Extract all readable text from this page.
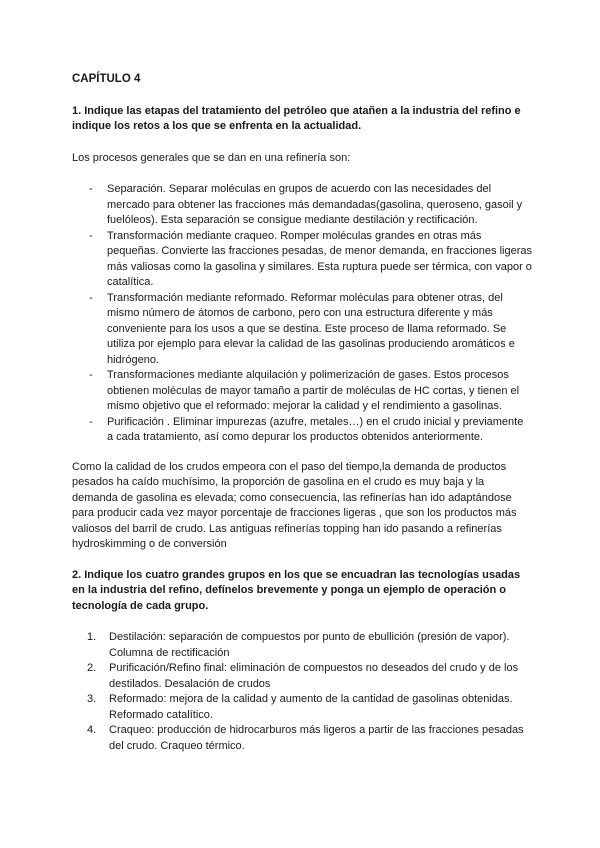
CAPÍTULO 4
1. Indique las etapas del tratamiento del petróleo que atañen a la industria del refino e indique los retos a los que se enfrenta en la actualidad.

Los procesos generales que se dan en una refinería son:

- Separación. Separar moléculas en grupos de acuerdo con las necesidades del mercado para obtener las fracciones más demandadas(gasolina, queroseno, gasoil y fuelóleos). Esta separación se consigue mediante destilación y rectificación.
- Transformación mediante craqueo. Romper moléculas grandes en otras más pequeñas. Convierte las fracciones pesadas, de menor demanda, en fracciones ligeras más valiosas como la gasolina y similares. Esta ruptura puede ser térmica, con vapor o catalítica.
- Transformación mediante reformado. Reformar moléculas para obtener otras, del mismo número de átomos de carbono, pero con una estructura diferente y más conveniente para los usos a que se destina. Este proceso de llama reformado. Se utiliza por ejemplo para elevar la calidad de las gasolinas produciendo aromáticos e hidrógeno.
- Transformaciones mediante alquilación y polimerización de gases. Estos procesos obtienen moléculas de mayor tamaño a partir de moléculas de HC cortas, y tienen el mismo objetivo que el reformado: mejorar la calidad y el rendimiento a gasolinas.
- Purificación . Eliminar impurezas (azufre, metales…) en el crudo inicial y previamente a cada tratamiento, así como depurar los productos obtenidos anteriormente.

Como la calidad de los crudos empeora con el paso del tiempo,la demanda de productos pesados ha caído muchísimo, la proporción de gasolina en el crudo es muy baja y la demanda de gasolina es elevada; como consecuencia, las refinerías han ido adaptándose para producir cada vez mayor porcentaje de fracciones ligeras , que son los productos más valiosos del barril de crudo. Las antiguas refinerías topping han ido pasando a refinerías hydroskimming o de conversión

2. Indique los cuatro grandes grupos en los que se encuadran las tecnologías usadas en la industria del refino, defínelos brevemente y ponga un ejemplo de operación o tecnología de cada grupo.
1. Destilación: separación de compuestos por punto de ebullición (presión de vapor). Columna de rectificación
2. Purificación/Refino final: eliminación de compuestos no deseados del crudo y de los destilados. Desalación de crudos
3. Reformado: mejora de la calidad y aumento de la cantidad de gasolinas obtenidas. Reformado catalítico.
4. Craqueo: producción de hidrocarburos más ligeros a partir de las fracciones pesadas del crudo. Craqueo térmico.
